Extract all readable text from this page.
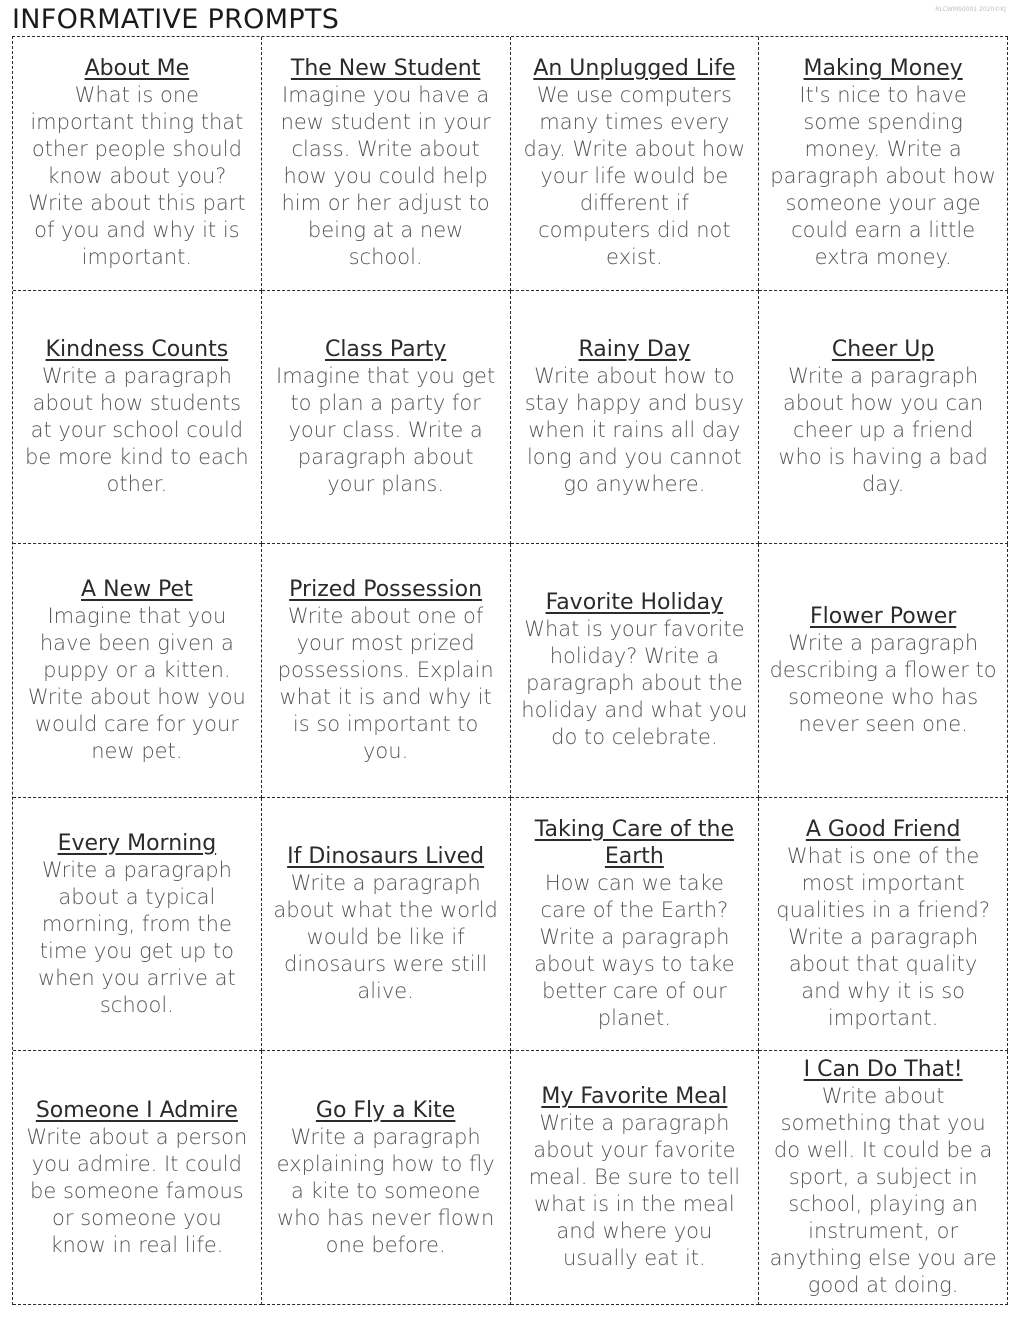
INFORMATIVE PROMPTS	RLCWMS0001 2020©KJ
About Me
What is one important thing that other people should know about you? Write about this part of you and why it is important.
The New Student
Imagine you have a new student in your class. Write about how you could help him or her adjust to being at a new school.
An Unplugged Life
We use computers many times every day. Write about how your life would be different if computers did not exist.
Making Money
It's nice to have some spending money. Write a paragraph about how someone your age could earn a little extra money.
Kindness Counts
Write a paragraph about how students at your school could be more kind to each other.
Class Party
Imagine that you get to plan a party for your class. Write a paragraph about your plans.
Rainy Day
Write about how to stay happy and busy when it rains all day long and you cannot go anywhere.
Cheer Up
Write a paragraph about how you can cheer up a friend who is having a bad day.
A New Pet
Imagine that you have been given a puppy or a kitten. Write about how you would care for your new pet.
Prized Possession
Write about one of your most prized possessions. Explain what it is and why it is so important to you.
Favorite Holiday
What is your favorite holiday? Write a paragraph about the holiday and what you do to celebrate.
Flower Power
Write a paragraph describing a flower to someone who has never seen one.
Every Morning
Write a paragraph about a typical morning, from the time you get up to when you arrive at school.
If Dinosaurs Lived
Write a paragraph about what the world would be like if dinosaurs were still alive.
Taking Care of the Earth
How can we take care of the Earth? Write a paragraph about ways to take better care of our planet.
A Good Friend
What is one of the most important qualities in a friend? Write a paragraph about that quality and why it is so important.
Someone I Admire
Write about a person you admire. It could be someone famous or someone you know in real life.
Go Fly a Kite
Write a paragraph explaining how to fly a kite to someone who has never flown one before.
My Favorite Meal
Write a paragraph about your favorite meal. Be sure to tell what is in the meal and where you usually eat it.
I Can Do That!
Write about something that you do well. It could be a sport, a subject in school, playing an instrument, or anything else you are good at doing.
